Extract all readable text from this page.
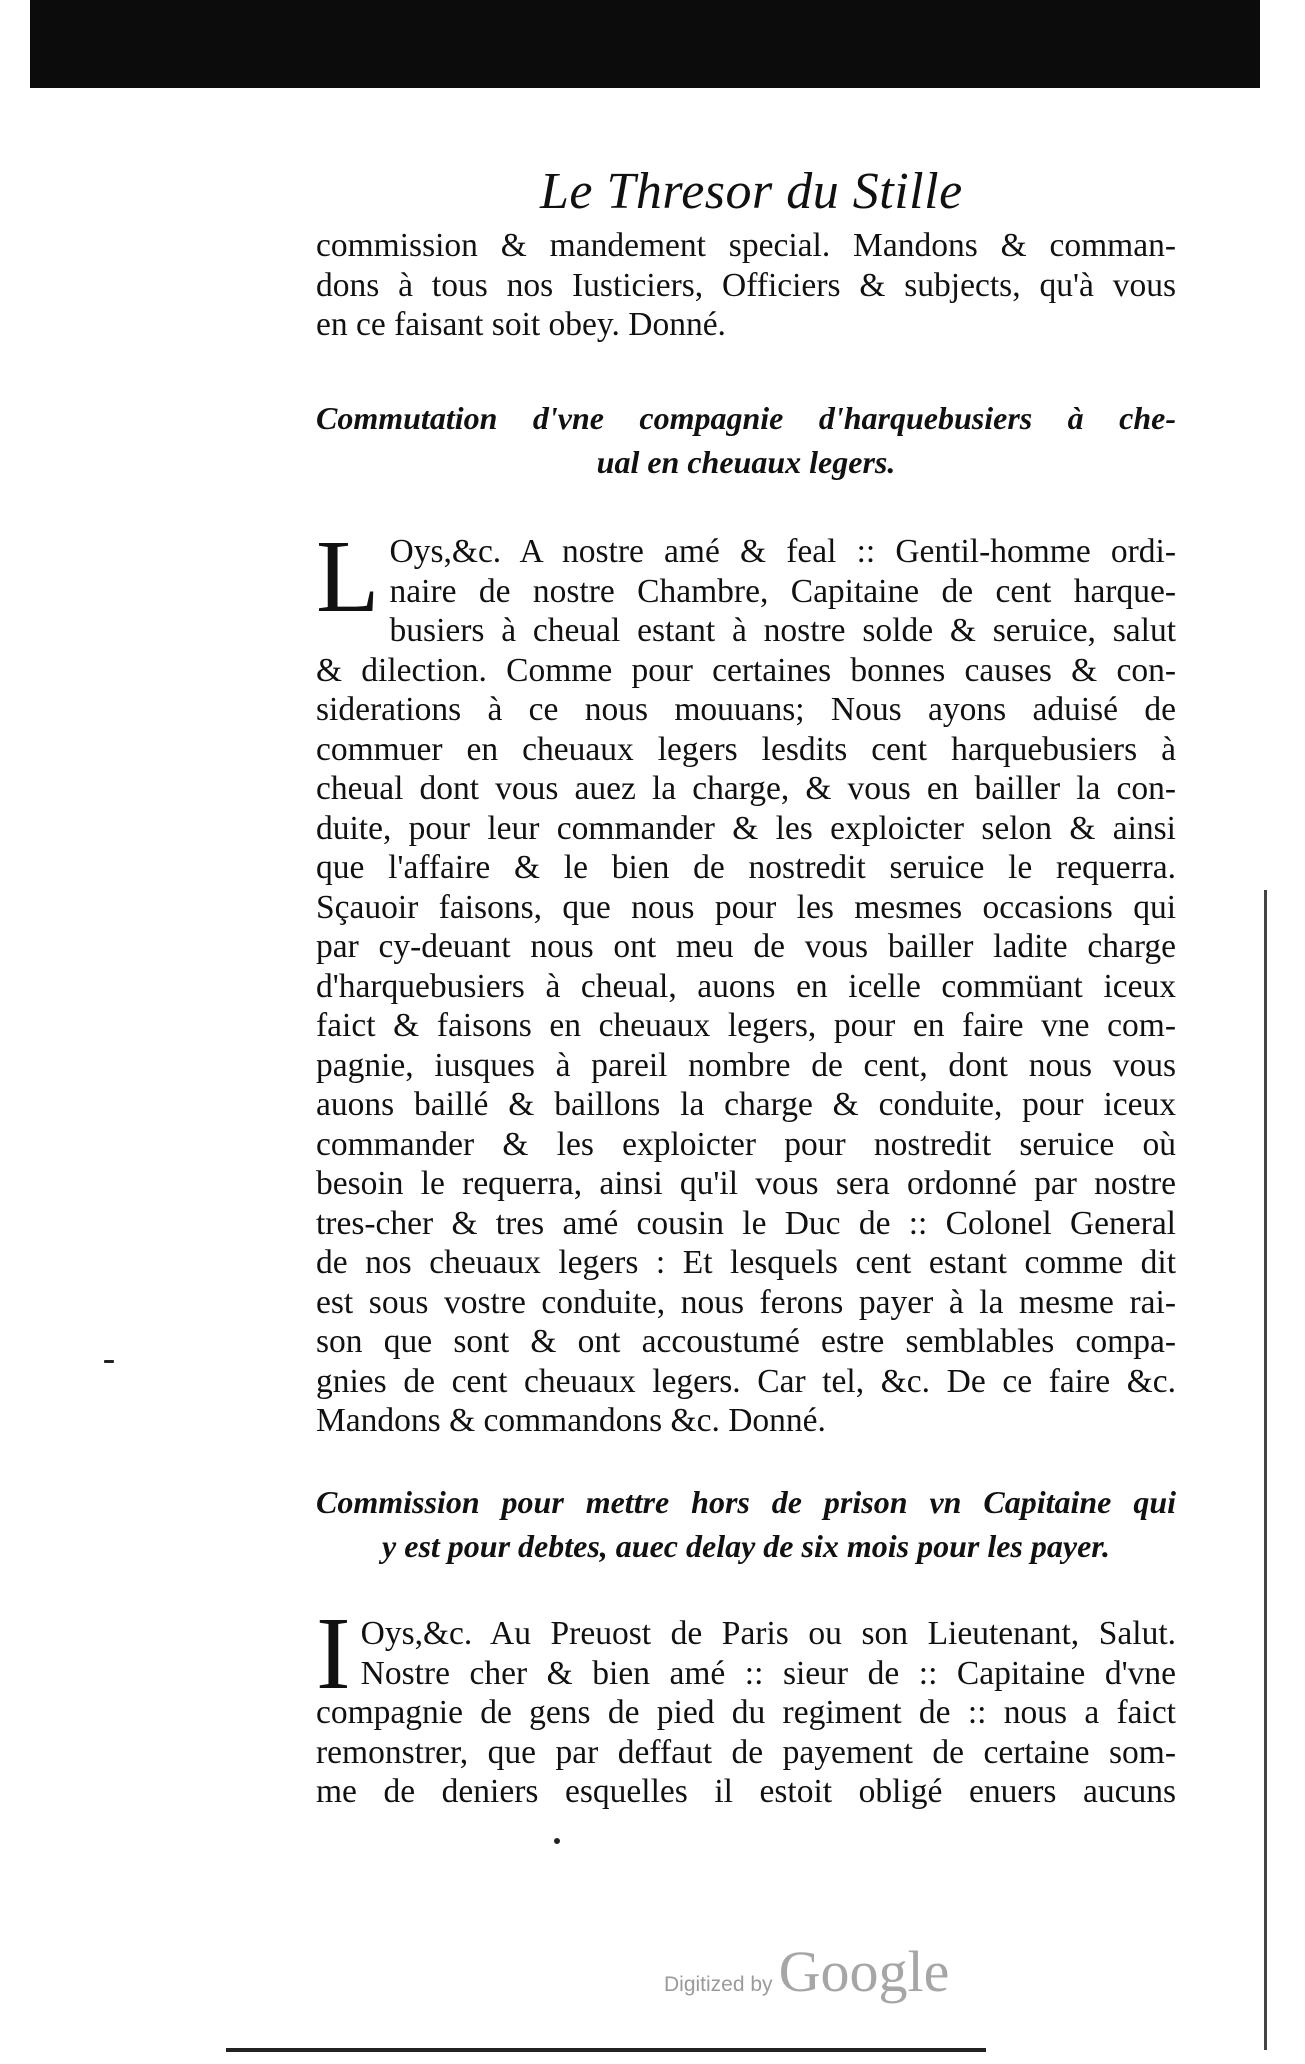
Le Thresor du Stille
commission & mandement special. Mandons & comman-
dons à tous nos Iusticiers, Officiers & subjects, qu'à vous
en ce faisant soit obey. Donné.
Commutation d'vne compagnie d'harquebusiers à che-
ual en cheuaux legers.
L Oys,&c. A nostre amé & feal :: Gentil-homme ordi-
naire de nostre Chambre, Capitaine de cent harque-
busiers à cheual estant à nostre solde & seruice, salut
& dilection. Comme pour certaines bonnes causes & con-
siderations à ce nous mouuans; Nous ayons aduisé de
commuer en cheuaux legers lesdits cent harquebusiers à
cheual dont vous auez la charge, & vous en bailler la con-
duite, pour leur commander & les exploicter selon & ainsi
que l'affaire & le bien de nostredit seruice le requerra.
Sçauoir faisons, que nous pour les mesmes occasions qui
par cy-deuant nous ont meu de vous bailler ladite charge
d'harquebusiers à cheual, auons en icelle commüant iceux
faict & faisons en cheuaux legers, pour en faire vne com-
pagnie, iusques à pareil nombre de cent, dont nous vous
auons baillé & baillons la charge & conduite, pour iceux
commander & les exploicter pour nostredit seruice où
besoin le requerra, ainsi qu'il vous sera ordonné par nostre
tres-cher & tres amé cousin le Duc de :: Colonel General
de nos cheuaux legers : Et lesquels cent estant comme dit
est sous vostre conduite, nous ferons payer à la mesme rai-
son que sont & ont accoustumé estre semblables compa-
gnies de cent cheuaux legers. Car tel, &c. De ce faire &c.
Mandons & commandons &c. Donné.
Commission pour mettre hors de prison vn Capitaine qui
y est pour debtes, auec delay de six mois pour les payer.
I Oys,&c. Au Preuost de Paris ou son Lieutenant, Salut.
Nostre cher & bien amé :: sieur de :: Capitaine d'vne
compagnie de gens de pied du regiment de :: nous a faict
remonstrer, que par deffaut de payement de certaine som-
me de deniers esquelles il estoit obligé enuers aucuns
Digitized by Google
